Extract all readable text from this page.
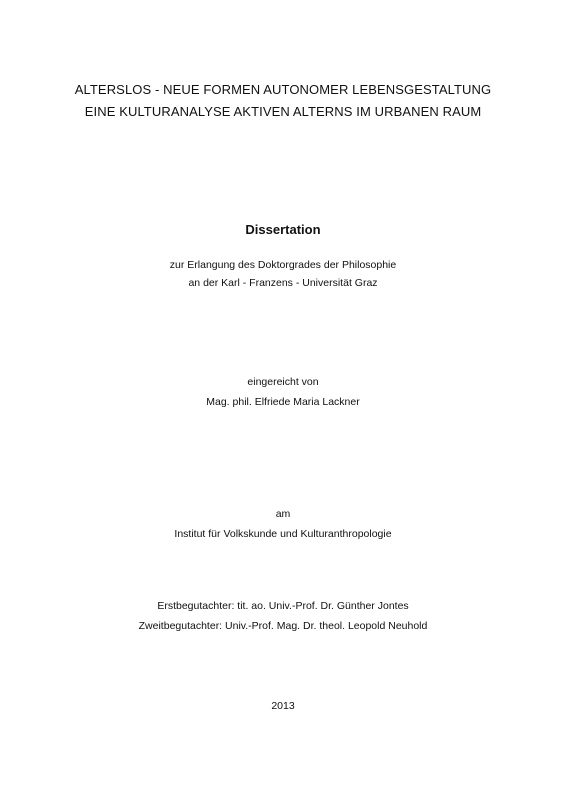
ALTERSLOS - NEUE FORMEN AUTONOMER LEBENSGESTALTUNG
EINE KULTURANALYSE AKTIVEN ALTERNS IM URBANEN RAUM
Dissertation
zur Erlangung des Doktorgrades der Philosophie
an der Karl - Franzens - Universität Graz
eingereicht von
Mag. phil. Elfriede Maria Lackner
am
Institut für Volkskunde und Kulturanthropologie
Erstbegutachter: tit. ao. Univ.-Prof. Dr. Günther Jontes
Zweitbegutachter: Univ.-Prof. Mag. Dr. theol. Leopold Neuhold
2013
